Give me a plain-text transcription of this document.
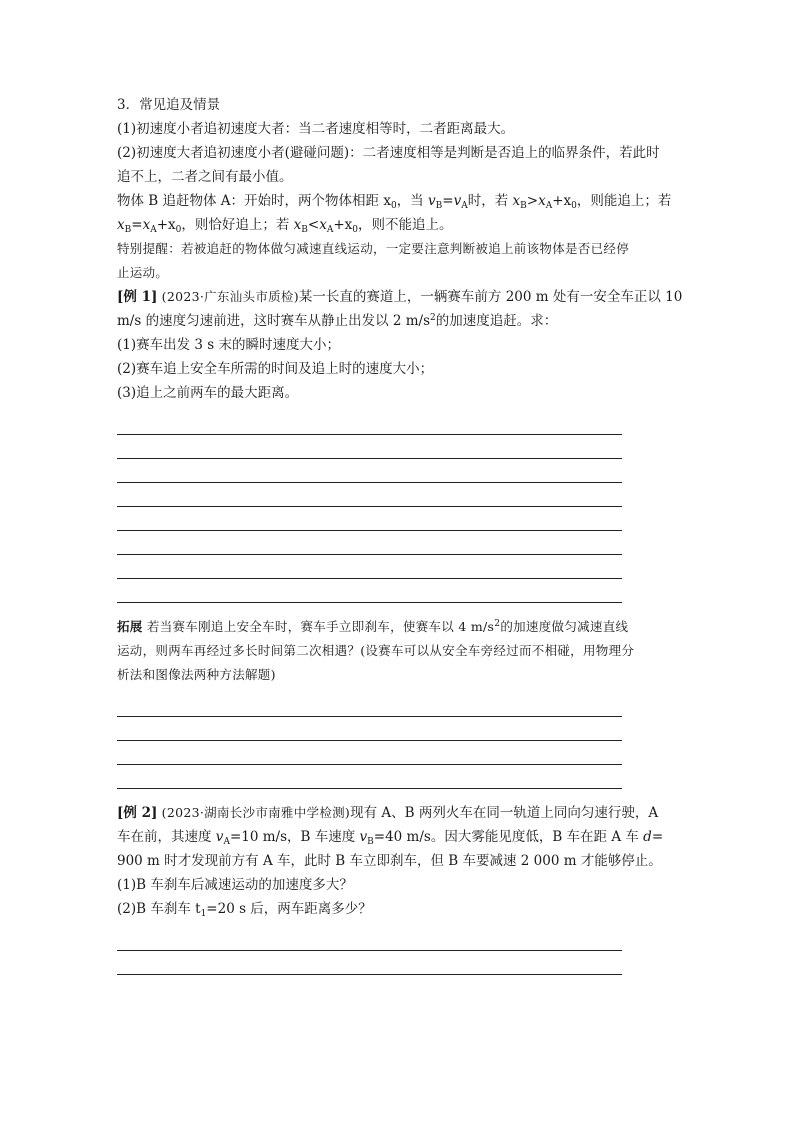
3．常见追及情景
(1)初速度小者追初速度大者：当二者速度相等时，二者距离最大。
(2)初速度大者追初速度小者(避碰问题)：二者速度相等是判断是否追上的临界条件，若此时
追不上，二者之间有最小值。
物体 B 追赶物体 A：开始时，两个物体相距 $x_0$，当 $v_B=v_A$时，若 $x_B>x_A+x_0$，则能追上；若
$x_B=x_A+x_0$，则恰好追上；若 $x_B<x_A+x_0$，则不能追上。
特别提醒：若被追赶的物体做匀减速直线运动，一定要注意判断被追上前该物体是否已经停
止运动。
[例 1] (2023·广东汕头市质检)某一长直的赛道上，一辆赛车前方 200 m 处有一安全车正以 10
m/s 的速度匀速前进，这时赛车从静止出发以 2 $m/s^2$的加速度追赶。求：
(1)赛车出发 3 s 末的瞬时速度大小；
(2)赛车追上安全车所需的时间及追上时的速度大小；
(3)追上之前两车的最大距离。
拓展 若当赛车刚追上安全车时，赛车手立即刹车，使赛车以 4 $m/s^2$的加速度做匀减速直线
运动，则两车再经过多长时间第二次相遇？(设赛车可以从安全车旁经过而不相碰，用物理分
析法和图像法两种方法解题)
[例 2] (2023·湖南长沙市南雅中学检测)现有 A、B 两列火车在同一轨道上同向匀速行驶，A
车在前，其速度 $v_A=10$ m/s，B 车速度 $v_B=40$ m/s。因大雾能见度低，B 车在距 A 车 d=
900 m 时才发现前方有 A 车，此时 B 车立即刹车，但 B 车要减速 2 000 m 才能够停止。
(1)B 车刹车后减速运动的加速度多大？
(2)B 车刹车 $t_1=20$ s 后，两车距离多少？
